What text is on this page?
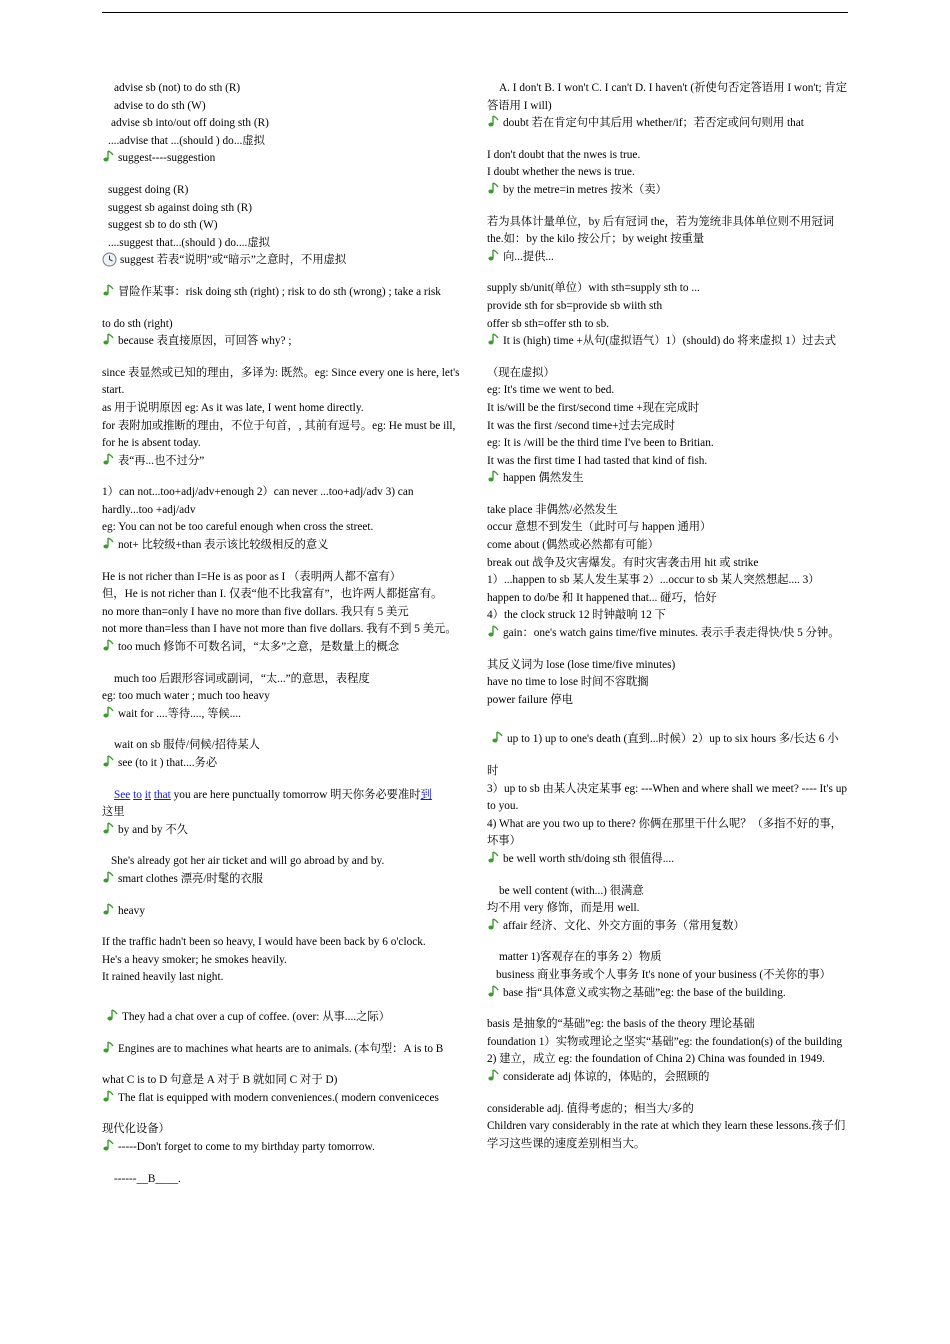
advise sb (not) to do sth (R)
advise to do sth (W)
advise sb into/out off doing sth (R)
....advise that ...(should ) do...虚拟
suggest----suggestion
suggest doing (R)
suggest sb against doing sth (R)
suggest sb to do sth (W)
....suggest that...(should ) do....虚拟
suggest 若表“说明”或“暗示”之意时，不用虚拟
冒险作某事：risk doing sth (right) ; risk to do sth (wrong) ; take a risk
to do sth (right)
because 表直接原因，可回答 why? ;
since 表显然或已知的理由，多译为: 既然。eg: Since every one is here, let's start.
as 用于说明原因 eg: As it was late, I went home directly.
for 表附加或推断的理由，不位于句首，, 其前有逗号。eg: He must be ill, for he is absent today.
表“再...也不过分”
1）can not...too+adj/adv+enough 2）can never ...too+adj/adv 3) can hardly...too +adj/adv
eg: You can not be too careful enough when cross the street.
not+ 比较级+than 表示该比较级相反的意义
He is not richer than I=He is as poor as I （表明两人都不富有）
但，He is not richer than I. 仅表“他不比我富有”，也许两人都挺富有。
no more than=only I have no more than five dollars. 我只有 5 美元
not more than=less than I have not more than five dollars. 我有不到 5 美元。
too much 修饰不可数名词，“太多”之意，是数量上的概念
much too 后跟形容词或副词，“太...”的意思，表程度
eg: too much water ; much too heavy
wait for ....等待...., 等候....
wait on sb 服侍/伺候/招待某人
see (to it ) that....务必
See to it that you are here punctually tomorrow 明天你务必要准时到
这里
by and by 不久
She's already got her air ticket and will go abroad by and by.
smart clothes 漂亮/时髦的衣服
heavy
If the traffic hadn't been so heavy, I would have been back by 6 o'clock.
He's a heavy smoker; he smokes heavily.
It rained heavily last night.
They had a chat over a cup of coffee. (over: 从事....之际）
Engines are to machines what hearts are to animals. (本句型：A is to B
what C is to D 句意是 A 对于 B 就如同 C 对于 D)
The flat is equipped with modern conveniences.( modern conveniceces
现代化设备）
-----Don't forget to come to my birthday party tomorrow.
------__B____.
A. I don't B. I won't C. I can't D. I haven't (祈使句否定答语用 I won't; 肯定答语用 I will)
doubt 若在肯定句中其后用 whether/if；若否定或问句则用 that
I don't doubt that the nwes is true.
I doubt whether the news is true.
by the metre=in metres 按米（卖）
若为具体计量单位，by 后有冠词 the，若为笼统非具体单位则不用冠词 the.如：by the kilo 按公斤；by weight 按重量
向...提供...
supply sb/unit(单位）with sth=supply sth to ...
provide sth for sb=provide sb wiith sth
offer sb sth=offer sth to sb.
It is (high) time +从句(虚拟语气）1）(should) do 将来虚拟 1）过去式
（现在虚拟）
eg: It's time we went to bed.
It is/will be the first/second time +现在完成时
It was the first /second time+过去完成时
eg: It is /will be the third time I've been to Britian.
It was the first time I had tasted that kind of fish.
happen 偶然发生
take place 非偶然/必然发生
occur 意想不到发生（此时可与 happen 通用）
come about (偶然或必然都有可能）
break out 战争及灾害爆发。有时灾害袭击用 hit 或 strike
1）...happen to sb 某人发生某事 2）...occur to sb 某人突然想起.... 3）happen to do/be 和 It happened that... 碰巧，恰好
4）the clock struck 12 时钟敲响 12 下
gain：one's watch gains time/five minutes. 表示手表走得快/快 5 分钟。
其反义词为 lose (lose time/five minutes)
have no time to lose 时间不容耽搁
power failure 停电
up to 1) up to one's death (直到...时候）2）up to six hours 多/长达 6 小
时
3）up to sb 由某人决定某事 eg: ---When and where shall we meet? ---- It's up to you.
4) What are you two up to there? 你俩在那里干什么呢？（多指不好的事，坏事）
be well worth sth/doing sth 很值得....
be well content (with...) 很满意
均不用 very 修饰，而是用 well.
affair 经济、文化、外交方面的事务（常用复数）
matter 1)客观存在的事务 2）物质
business 商业事务或个人事务 It's none of your business (不关你的事）
base 指“具体意义或实物之基础”eg: the base of the building.
basis 是抽象的“基础”eg: the basis of the theory 理论基础
foundation 1）实物或理论之坚实“基础”eg: the foundation(s) of the building
2) 建立，成立 eg: the foundation of China 2) China was founded in 1949.
considerate adj 体谅的，体贴的，会照顾的
considerable adj. 值得考虑的；相当大/多的
Children vary considerably in the rate at which they learn these lessons.孩子们学习这些课的速度差别相当大。
